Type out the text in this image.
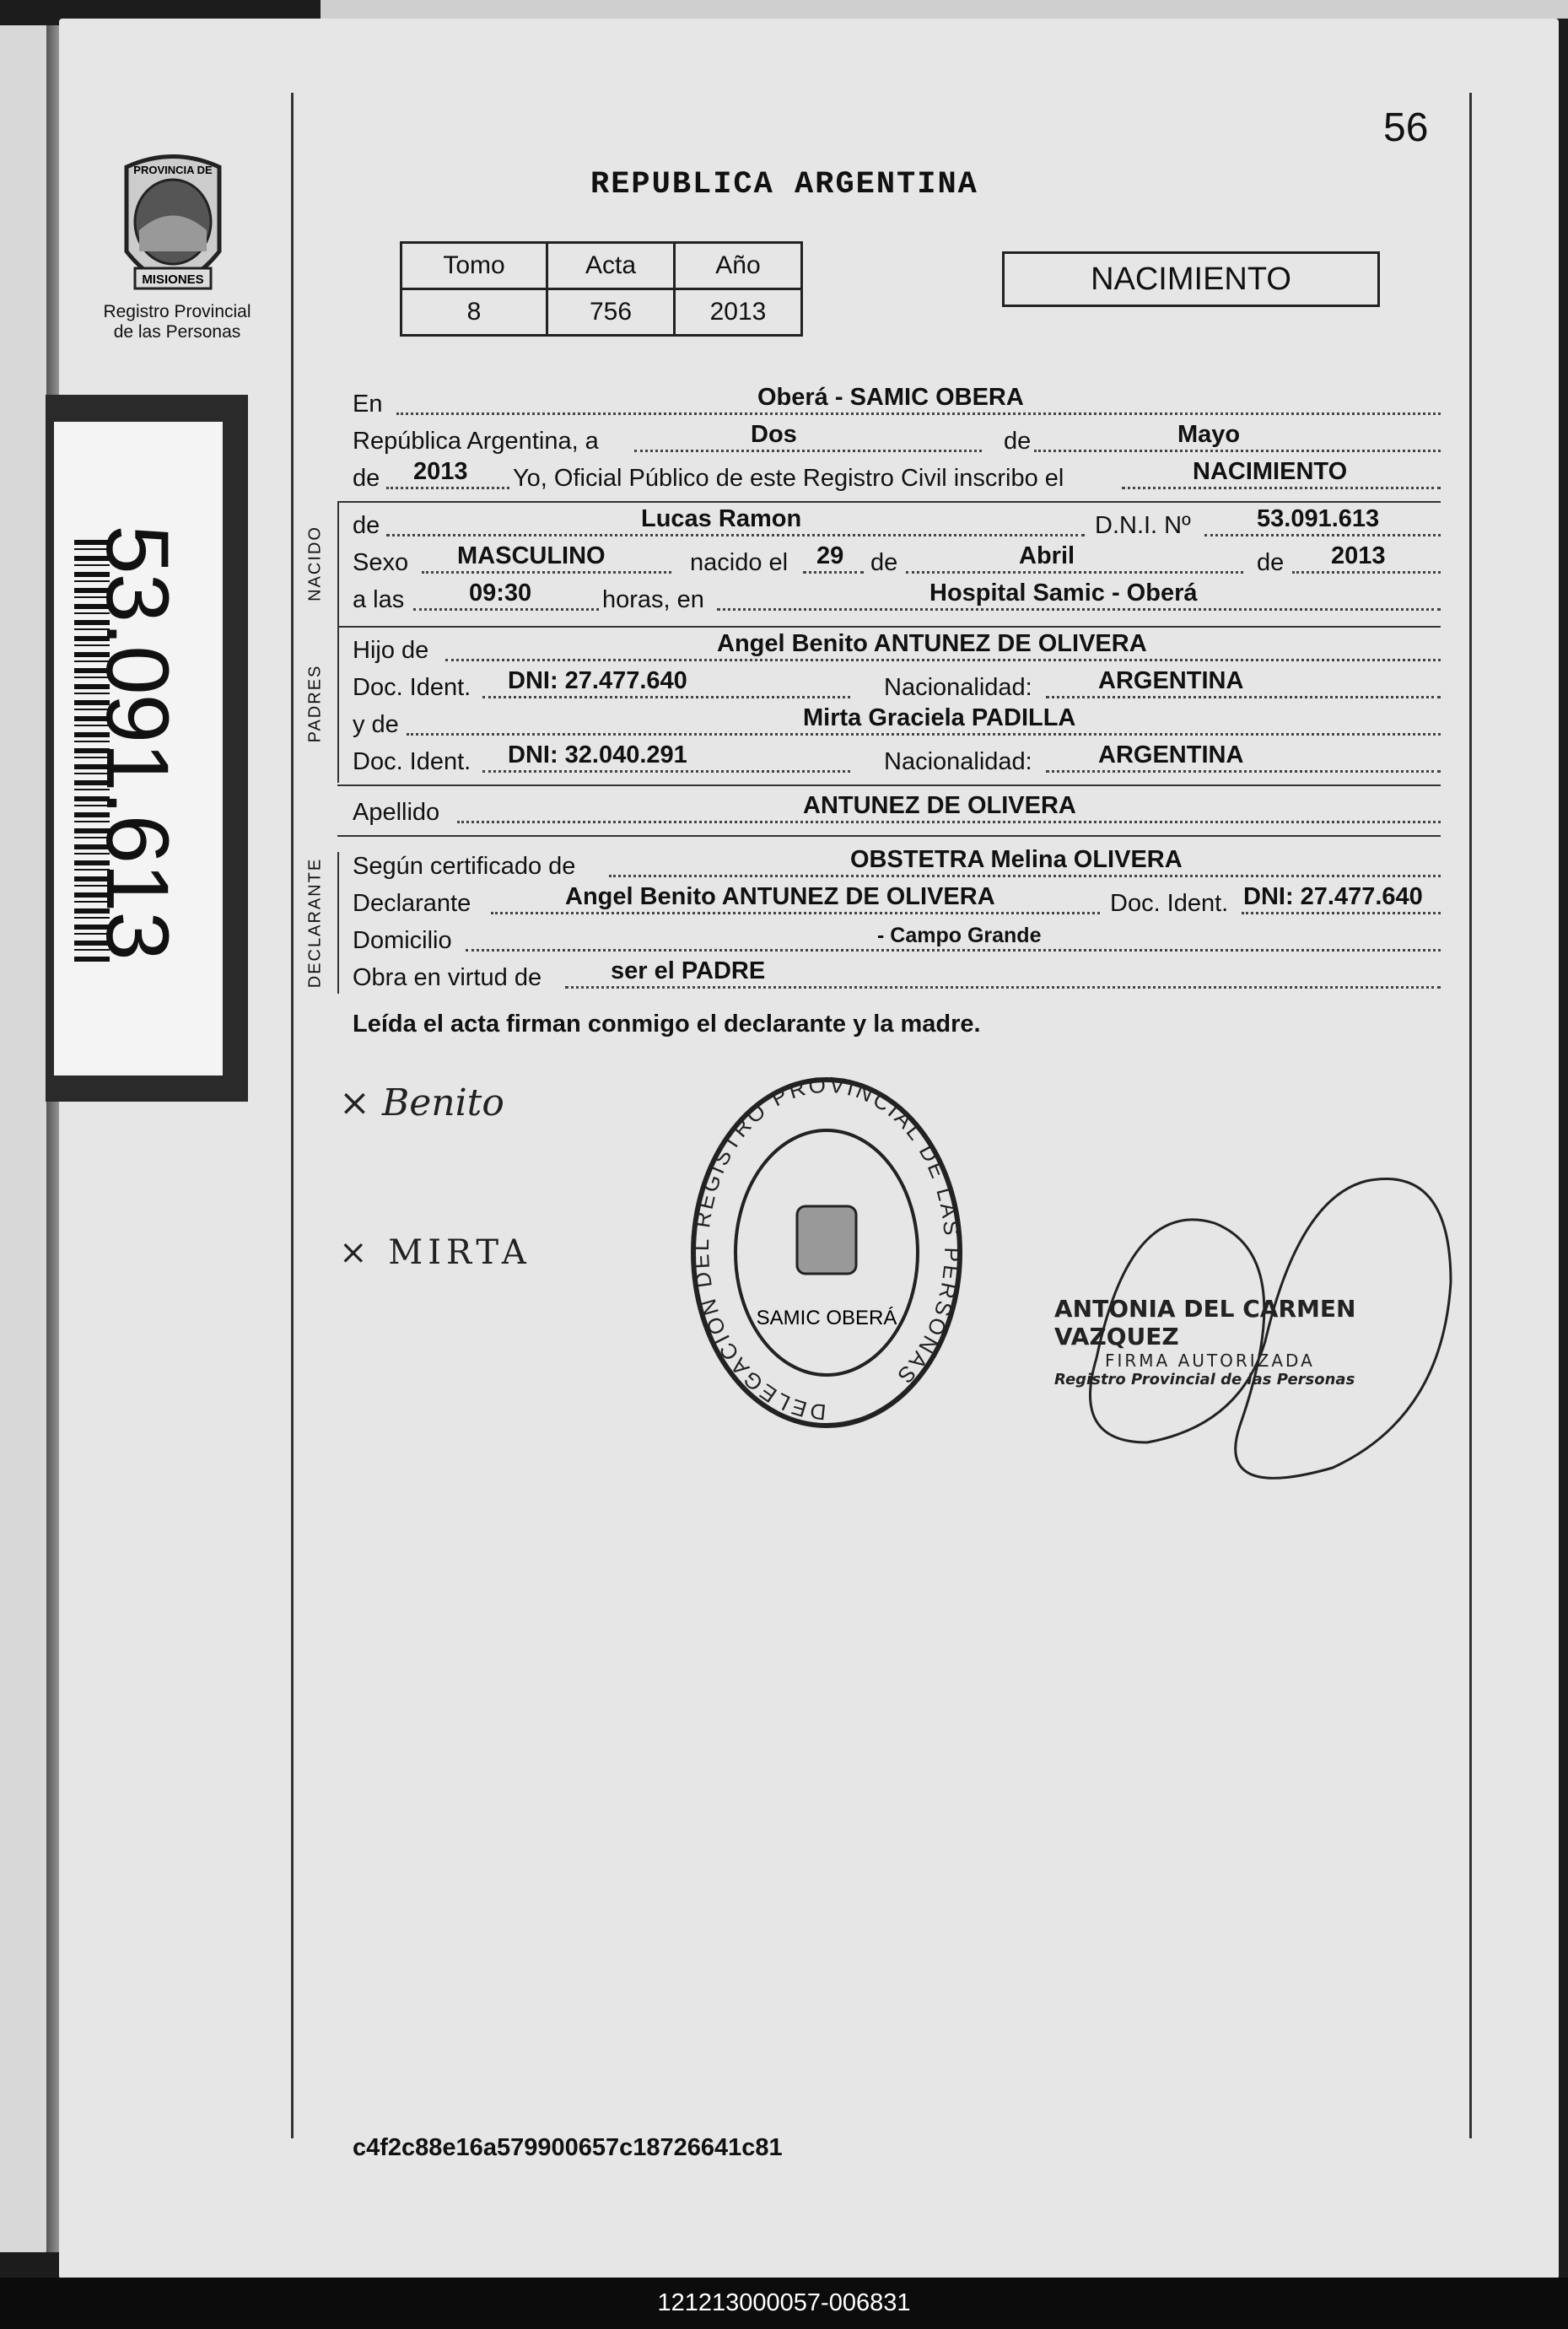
PROVINCIA DE
MISIONES
Registro Provincial
de las Personas
53.091.613
56
REPUBLICA ARGENTINA
Tomo	Acta	Año
8	756	2013
NACIMIENTO
En	Oberá - SAMIC OBERA
República Argentina, a	Dos	de	Mayo
de 2013 Yo, Oficial Público de este Registro Civil inscribo el	NACIMIENTO
NACIDO
de	Lucas Ramon	D.N.I. Nº	53.091.613
Sexo MASCULINO	nacido el 29 de	Abril	de 2013
a las	09:30	horas, en	Hospital Samic - Oberá
PADRES
Hijo de	Angel Benito ANTUNEZ DE OLIVERA
Doc. Ident. DNI: 27.477.640	Nacionalidad:	ARGENTINA
y de	Mirta Graciela PADILLA
Doc. Ident. DNI: 32.040.291	Nacionalidad:	ARGENTINA
Apellido	ANTUNEZ DE OLIVERA
DECLARANTE Según certificado de	OBSTETRA Melina OLIVERA
Declarante	Angel Benito ANTUNEZ DE OLIVERA	Doc. Ident. DNI: 27.477.640
Domicilio	- Campo Grande
Obra en virtud de	ser el PADRE
Leída el acta firman conmigo el declarante y la madre.
× Benito
× MIRTA
DELEGACIÓN DEL REGISTRO PROVINCIAL DE LAS PERSONAS
SAMIC OBERÁ	ANTONIA DEL CARMEN VAZQUEZ
FIRMA AUTORIZADA
Registro Provincial de las Personas
c4f2c88e16a579900657c18726641c81
121213000057-006831
